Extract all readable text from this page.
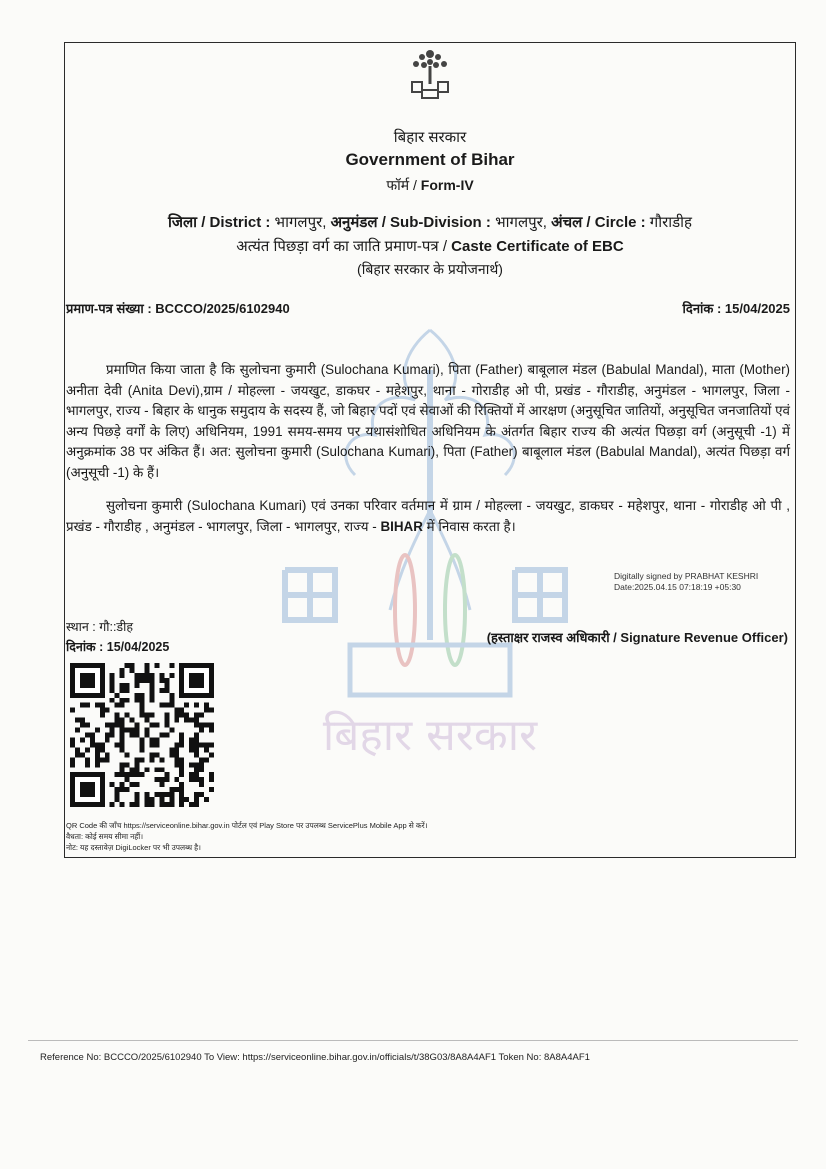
बिहार सरकार
बिहार सरकार
Government of Bihar
फॉर्म / Form-IV
जिला / District : भागलपुर, अनुमंडल / Sub-Division : भागलपुर, अंचल / Circle : गौराडीह
अत्यंत पिछड़ा वर्ग का जाति प्रमाण-पत्र / Caste Certificate of EBC
(बिहार सरकार के प्रयोजनार्थ)
प्रमाण-पत्र संख्या : BCCCO/2025/6102940	दिनांक : 15/04/2025
प्रमाणित किया जाता है कि सुलोचना कुमारी (Sulochana Kumari), पिता (Father) बाबूलाल मंडल (Babulal Mandal), माता (Mother) अनीता देवी (Anita Devi),ग्राम / मोहल्ला - जयखुट, डाकघर - महेशपुर, थाना - गोराडीह ओ पी, प्रखंड - गौराडीह, अनुमंडल - भागलपुर, जिला - भागलपुर, राज्य - बिहार के धानुक समुदाय के सदस्य हैं, जो बिहार पदों एवं सेवाओं की रिक्तियों में आरक्षण (अनुसूचित जातियों, अनुसूचित जनजातियों एवं अन्य पिछड़े वर्गों के लिए) अधिनियम, 1991 समय-समय पर यथासंशोधित अधिनियम के अंतर्गत बिहार राज्य की अत्यंत पिछड़ा वर्ग (अनुसूची -1) में अनुक्रमांक 38 पर अंकित हैं। अत: सुलोचना कुमारी (Sulochana Kumari), पिता (Father) बाबूलाल मंडल (Babulal Mandal), अत्यंत पिछड़ा वर्ग (अनुसूची -1) के हैं।
सुलोचना कुमारी (Sulochana Kumari) एवं उनका परिवार वर्तमान में ग्राम / मोहल्ला - जयखुट, डाकघर - महेशपुर, थाना - गोराडीह ओ पी , प्रखंड - गौराडीह , अनुमंडल - भागलपुर, जिला - भागलपुर, राज्य - BIHAR में निवास करता है।
Digitally signed by PRABHAT KESHRI
Date:2025.04.15 07:18:19 +05:30
स्थान : गौ::डीह
दिनांक : 15/04/2025
(हस्ताक्षर राजस्व अधिकारी / Signature Revenue Officer)
QR Code की जाँच https://serviceonline.bihar.gov.in पोर्टल एवं Play Store पर उपलब्ध ServicePlus Mobile App से करें।
वैधता: कोई समय सीमा नहीं।
नोट: यह दस्तावेज़ DigiLocker पर भी उपलब्ध है।
Reference No: BCCCO/2025/6102940 To View: https://serviceonline.bihar.gov.in/officials/t/38G03/8A8A4AF1 Token No: 8A8A4AF1
